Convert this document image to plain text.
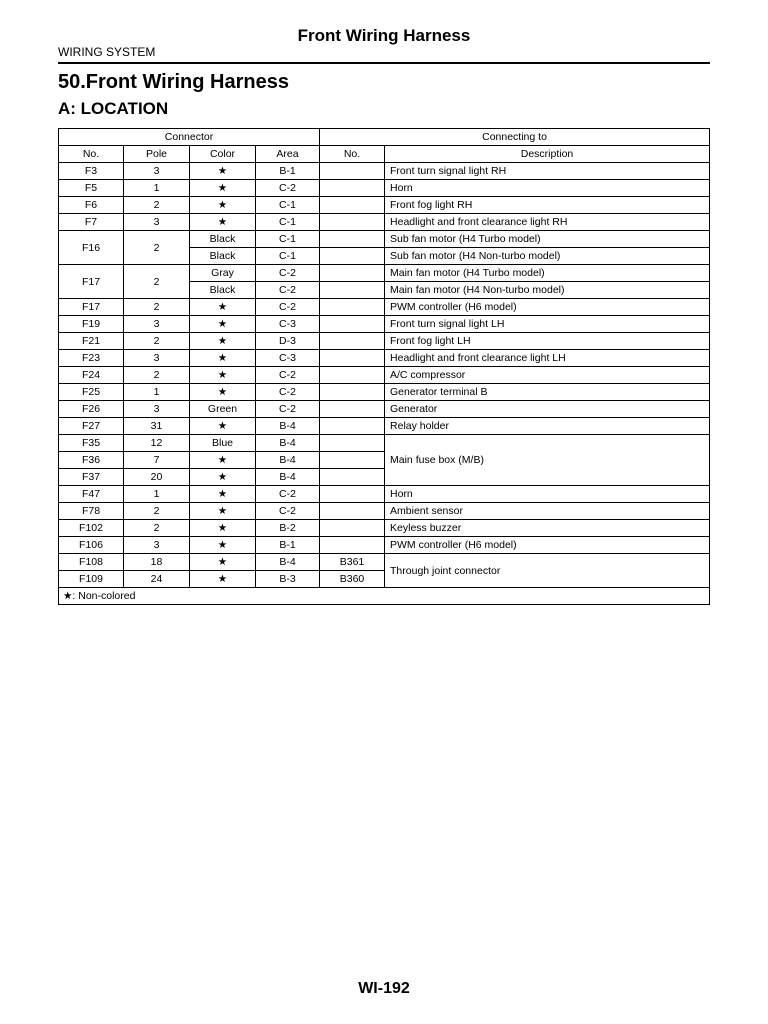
Front Wiring Harness
WIRING SYSTEM
50.Front Wiring Harness
A: LOCATION
Connector				Connecting to	
No.	Pole	Color	Area	No.	Description
F3	3	★	B-1		Front turn signal light RH
F5	1	★	C-2		Horn
F6	2	★	C-1		Front fog light RH
F7	3	★	C-1		Headlight and front clearance light RH
F16	2	Black	C-1		Sub fan motor (H4 Turbo model)
		Black	C-1		Sub fan motor (H4 Non-turbo model)
F17	2	Gray	C-2		Main fan motor (H4 Turbo model)
		Black	C-2		Main fan motor (H4 Non-turbo model)
F17	2	★	C-2		PWM controller (H6 model)
F19	3	★	C-3		Front turn signal light LH
F21	2	★	D-3		Front fog light LH
F23	3	★	C-3		Headlight and front clearance light LH
F24	2	★	C-2		A/C compressor
F25	1	★	C-2		Generator terminal B
F26	3	Green	C-2		Generator
F27	31	★	B-4		Relay holder
F35	12	Blue	B-4		Main fuse box (M/B)
F36	7	★	B-4		
F37	20	★	B-4		
F47	1	★	C-2		Horn
F78	2	★	C-2		Ambient sensor
F102	2	★	B-2		Keyless buzzer
F106	3	★	B-1		PWM controller (H6 model)
F108	18	★	B-4	B361	Through joint connector
F109	24	★	B-3	B360	
★: Non-colored					
WI-192
